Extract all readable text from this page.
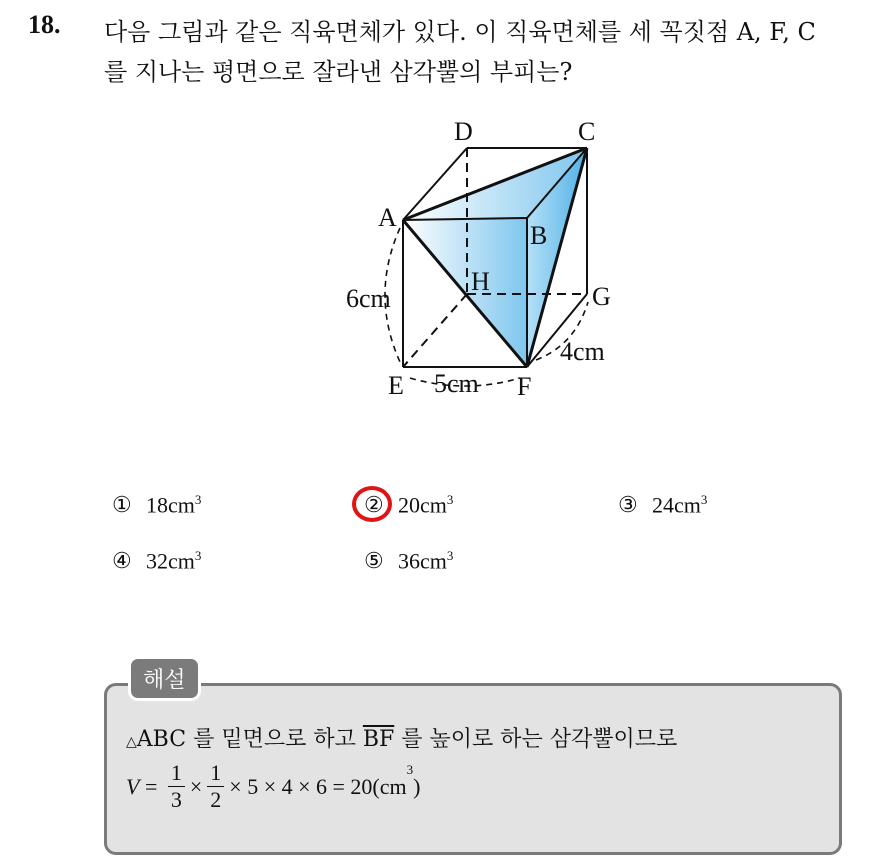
18. 다음 그림과 같은 직육면체가 있다. 이 직육면체를 세 꼭짓점 A, F, C
를 지나는 평면으로 잘라낸 삼각뿔의 부피는?
D	C
A
B
H
G
E	F
6cm
5cm
4cm
① $18cm^3$	② $20cm^3$	③ $24cm^3$
④ $32cm^3$	⑤ $36cm^3$
해설
△ABC 를 밑면으로 하고 $\overline{BF}$ 를 높이로 하는 삼각뿔이므로
$V = \frac{1}{3} \times \frac{1}{2} \times 5 \times 4 \times 6 = 20(cm$
$^3$
)
